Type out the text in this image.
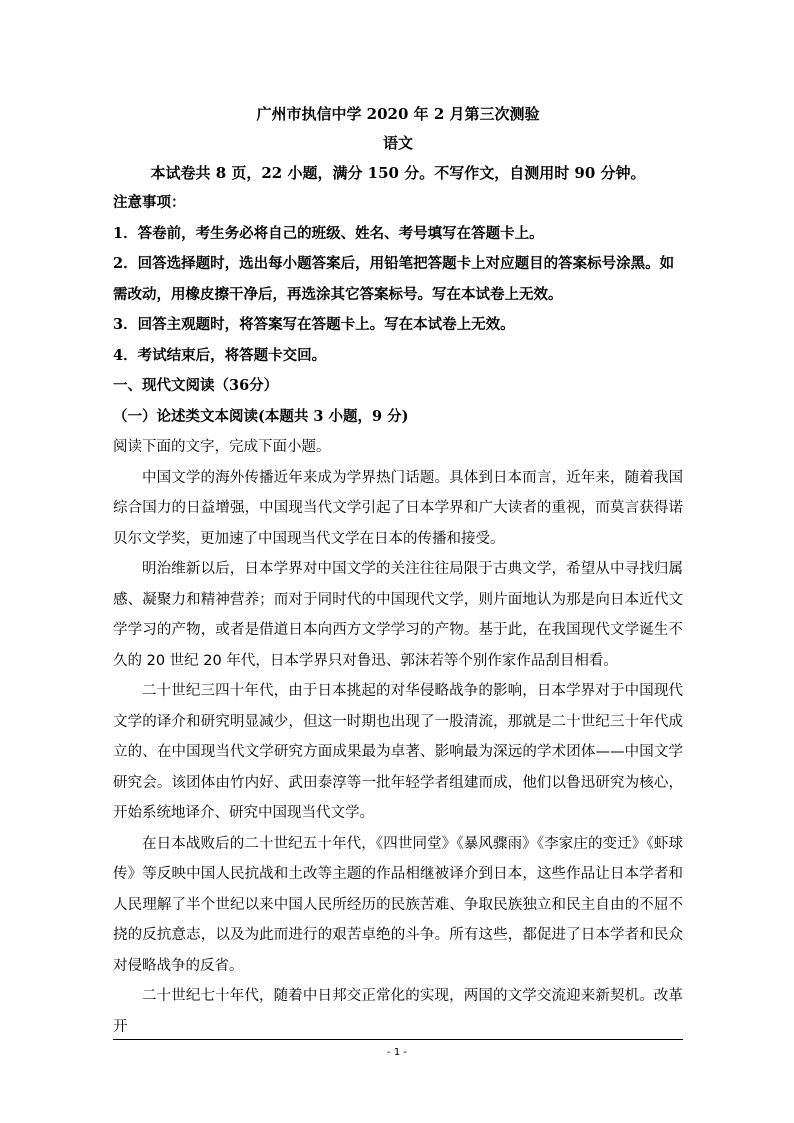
广州市执信中学 2020 年 2 月第三次测验
语文
本试卷共 8 页，22 小题，满分 150 分。不写作文，自测用时 90 分钟。
注意事项：
1．答卷前，考生务必将自己的班级、姓名、考号填写在答题卡上。
2．回答选择题时，选出每小题答案后，用铅笔把答题卡上对应题目的答案标号涂黑。如需改动，用橡皮擦干净后，再选涂其它答案标号。写在本试卷上无效。
3．回答主观题时，将答案写在答题卡上。写在本试卷上无效。
4．考试结束后，将答题卡交回。
一、现代文阅读（36分）
（一）论述类文本阅读(本题共 3 小题，9 分)
阅读下面的文字，完成下面小题。

中国文学的海外传播近年来成为学界热门话题。具体到日本而言，近年来，随着我国综合国力的日益增强，中国现当代文学引起了日本学界和广大读者的重视，而莫言获得诺贝尔文学奖，更加速了中国现当代文学在日本的传播和接受。

明治维新以后，日本学界对中国文学的关注往往局限于古典文学，希望从中寻找归属感、凝聚力和精神营养；而对于同时代的中国现代文学，则片面地认为那是向日本近代文学学习的产物，或者是借道日本向西方文学学习的产物。基于此，在我国现代文学诞生不久的 20 世纪 20 年代，日本学界只对鲁迅、郭沫若等个别作家作品刮目相看。

二十世纪三四十年代，由于日本挑起的对华侵略战争的影响，日本学界对于中国现代文学的译介和研究明显减少，但这一时期也出现了一股清流，那就是二十世纪三十年代成立的、在中国现当代文学研究方面成果最为卓著、影响最为深远的学术团体——中国文学研究会。该团体由竹内好、武田泰淳等一批年轻学者组建而成，他们以鲁迅研究为核心，开始系统地译介、研究中国现当代文学。

在日本战败后的二十世纪五十年代，《四世同堂》《暴风骤雨》《李家庄的变迁》《虾球传》等反映中国人民抗战和土改等主题的作品相继被译介到日本，这些作品让日本学者和人民理解了半个世纪以来中国人民所经历的民族苦难、争取民族独立和民主自由的不屈不挠的反抗意志，以及为此而进行的艰苦卓绝的斗争。所有这些，都促进了日本学者和民众对侵略战争的反省。

二十世纪七十年代，随着中日邦交正常化的实现，两国的文学交流迎来新契机。改革开

- 1 -
